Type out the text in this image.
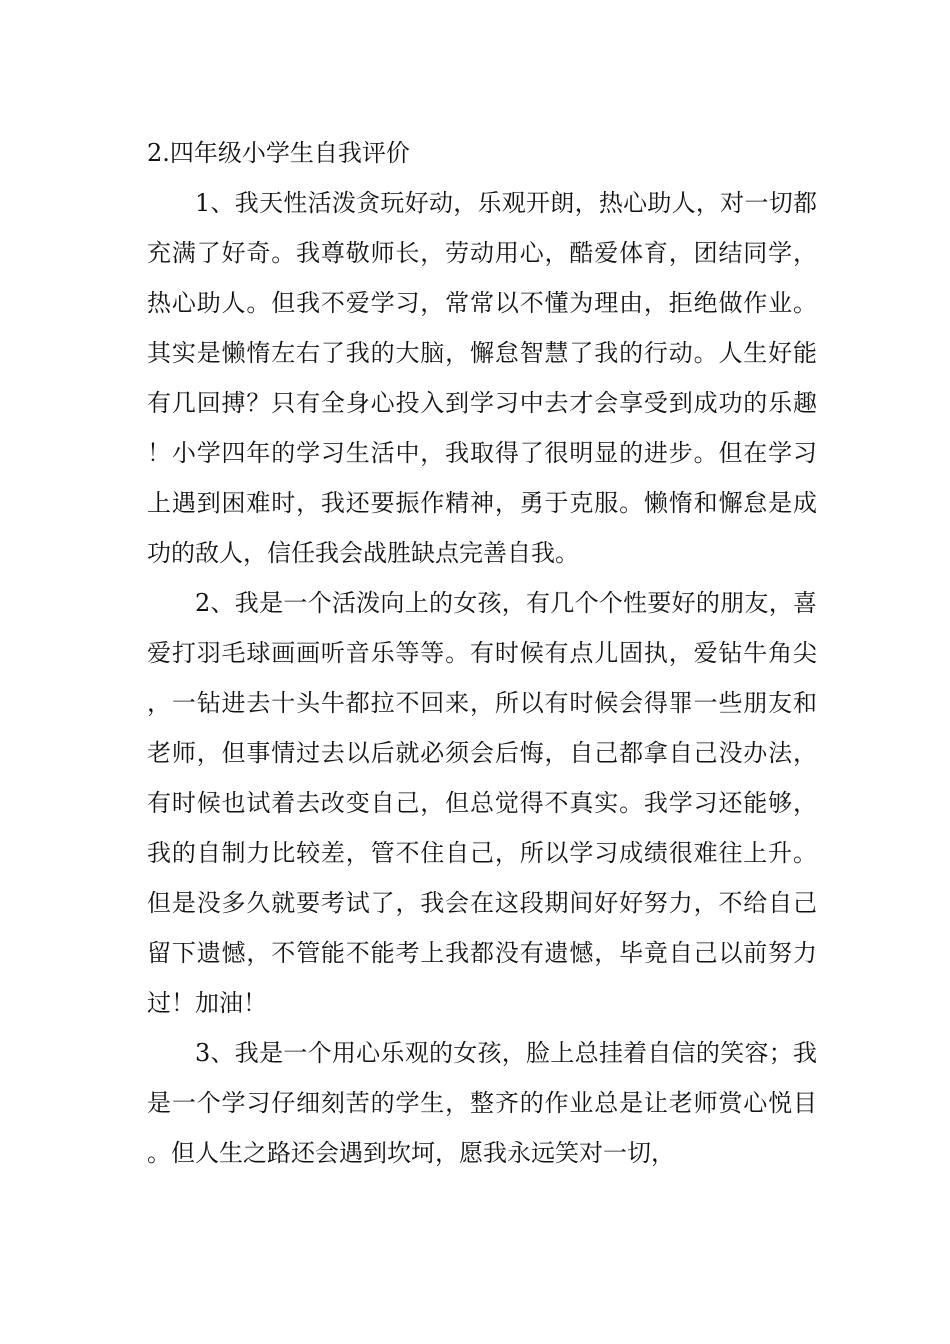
2.四年级小学生自我评价

1、我天性活泼贪玩好动，乐观开朗，热心助人，对一切都充满了好奇。我尊敬师长，劳动用心，酷爱体育，团结同学，热心助人。但我不爱学习，常常以不懂为理由，拒绝做作业。其实是懒惰左右了我的大脑，懈怠智慧了我的行动。人生好能有几回搏？只有全身心投入到学习中去才会享受到成功的乐趣！小学四年的学习生活中，我取得了很明显的进步。但在学习上遇到困难时，我还要振作精神，勇于克服。懒惰和懈怠是成功的敌人，信任我会战胜缺点完善自我。

2、我是一个活泼向上的女孩，有几个个性要好的朋友，喜爱打羽毛球画画听音乐等等。有时候有点儿固执，爱钻牛角尖，一钻进去十头牛都拉不回来，所以有时候会得罪一些朋友和老师，但事情过去以后就必须会后悔，自己都拿自己没办法，有时候也试着去改变自己，但总觉得不真实。我学习还能够，我的自制力比较差，管不住自己，所以学习成绩很难往上升。但是没多久就要考试了，我会在这段期间好好努力，不给自己留下遗憾，不管能不能考上我都没有遗憾，毕竟自己以前努力过！加油！

3、我是一个用心乐观的女孩，脸上总挂着自信的笑容；我是一个学习仔细刻苦的学生，整齐的作业总是让老师赏心悦目。但人生之路还会遇到坎坷，愿我永远笑对一切，
